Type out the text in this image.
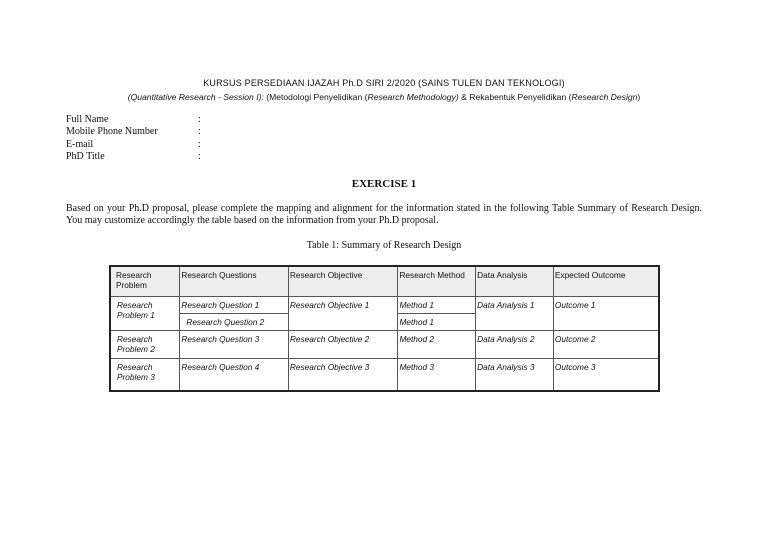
KURSUS PERSEDIAAN IJAZAH Ph.D SIRI 2/2020 (SAINS TULEN DAN TEKNOLOGI)
(Quantitative Research - Session I): (Metodologi Penyelidikan (Research Methodology) & Rekabentuk Penyelidikan (Research Design)
Full Name	:
Mobile Phone Number	:
E-mail	:
PhD Title	:
EXERCISE 1
Based on your Ph.D proposal, please complete the mapping and alignment for the information stated in the following Table Summary of Research Design. You may customize accordingly the table based on the information from your Ph.D proposal.
Table 1: Summary of Research Design
Research Problem	Research Questions	Research Objective	Research Method	Data Analysis	Expected Outcome
Research Problem 1	Research Question 1	Research Objective 1	Method 1	Data Analysis 1	Outcome 1
	Research Question 2		Method 1		
Research Problem 2	Research Question 3	Research Objective 2	Method 2	Data Analysis 2	Outcome 2
Research Problem 3	Research Question 4	Research Objective 3	Method 3	Data Analysis 3	Outcome 3
